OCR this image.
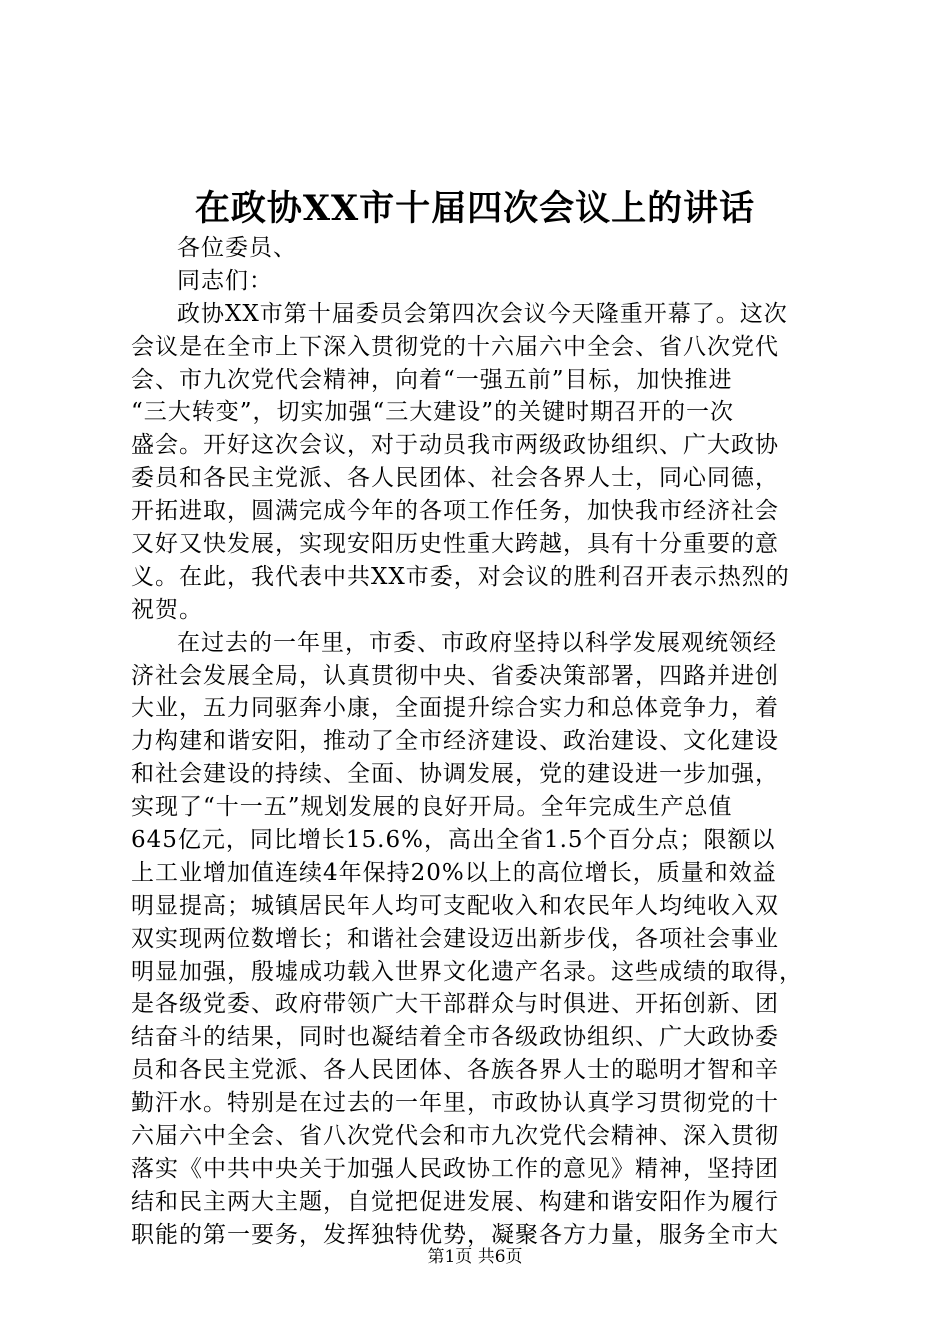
在政协XX市十届四次会议上的讲话
各位委员、
同志们：
政协XX市第十届委员会第四次会议今天隆重开幕了。这次
会议是在全市上下深入贯彻党的十六届六中全会、省八次党代
会、市九次党代会精神，向着“一强五前”目标，加快推进
“三大转变”，切实加强“三大建设”的关键时期召开的一次
盛会。开好这次会议，对于动员我市两级政协组织、广大政协
委员和各民主党派、各人民团体、社会各界人士，同心同德，
开拓进取，圆满完成今年的各项工作任务，加快我市经济社会
又好又快发展，实现安阳历史性重大跨越，具有十分重要的意
义。在此，我代表中共XX市委，对会议的胜利召开表示热烈的
祝贺。
在过去的一年里，市委、市政府坚持以科学发展观统领经
济社会发展全局，认真贯彻中央、省委决策部署，四路并进创
大业，五力同驱奔小康，全面提升综合实力和总体竞争力，着
力构建和谐安阳，推动了全市经济建设、政治建设、文化建设
和社会建设的持续、全面、协调发展，党的建设进一步加强，
实现了“十一五”规划发展的良好开局。全年完成生产总值
645亿元，同比增长15.6%，高出全省1.5个百分点；限额以
上工业增加值连续4年保持20%以上的高位增长，质量和效益
明显提高；城镇居民年人均可支配收入和农民年人均纯收入双
双实现两位数增长；和谐社会建设迈出新步伐，各项社会事业
明显加强，殷墟成功载入世界文化遗产名录。这些成绩的取得，
是各级党委、政府带领广大干部群众与时俱进、开拓创新、团
结奋斗的结果，同时也凝结着全市各级政协组织、广大政协委
员和各民主党派、各人民团体、各族各界人士的聪明才智和辛
勤汗水。特别是在过去的一年里，市政协认真学习贯彻党的十
六届六中全会、省八次党代会和市九次党代会精神、深入贯彻
落实《中共中央关于加强人民政协工作的意见》精神，坚持团
结和民主两大主题，自觉把促进发展、构建和谐安阳作为履行
职能的第一要务，发挥独特优势，凝聚各方力量，服务全市大
第1页 共6页
